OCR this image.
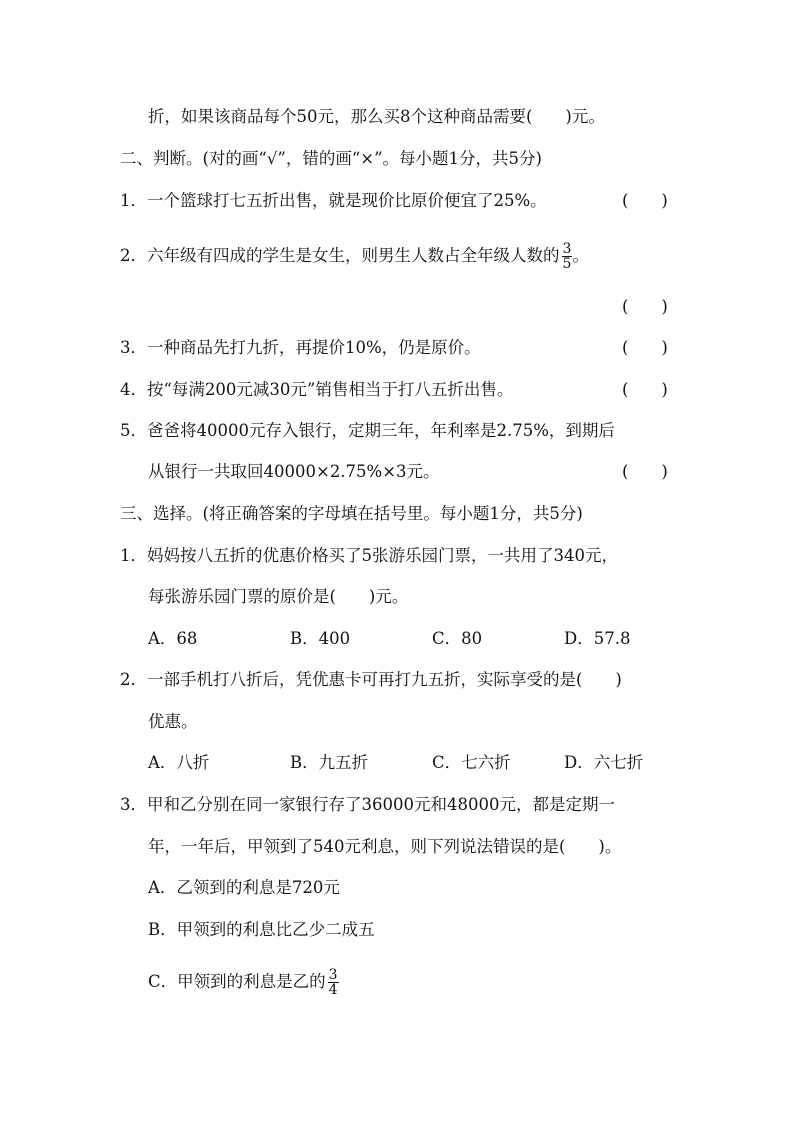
折，如果该商品每个50元，那么买8个这种商品需要(　　)元。
二、判断。(对的画“√”，错的画“×”。每小题1分，共5分)
1．一个篮球打七五折出售，就是现价比原价便宜了25%。	(　　)
2．六年级有四成的学生是女生，则男生人数占全年级人数的 $\frac{3}{5}$ 。
(　　)
3．一种商品先打九折，再提价10%，仍是原价。	(　　)
4．按“每满200元减30元”销售相当于打八五折出售。	(　　)
5．爸爸将40000元存入银行，定期三年，年利率是2.75%，到期后
从银行一共取回40000×2.75%×3元。	(　　)
三、选择。(将正确答案的字母填在括号里。每小题1分，共5分)
1．妈妈按八五折的优惠价格买了5张游乐园门票，一共用了340元，
每张游乐园门票的原价是(　　)元。
A．68	B．400	C．80	D．57.8
2．一部手机打八折后，凭优惠卡可再打九五折，实际享受的是(　　)
优惠。
A．八折	B．九五折	C．七六折	D．六七折
3．甲和乙分别在同一家银行存了36000元和48000元，都是定期一
年，一年后，甲领到了540元利息，则下列说法错误的是(　　)。
A．乙领到的利息是720元
B．甲领到的利息比乙少二成五
C．甲领到的利息是乙的 $\frac{3}{4}$
